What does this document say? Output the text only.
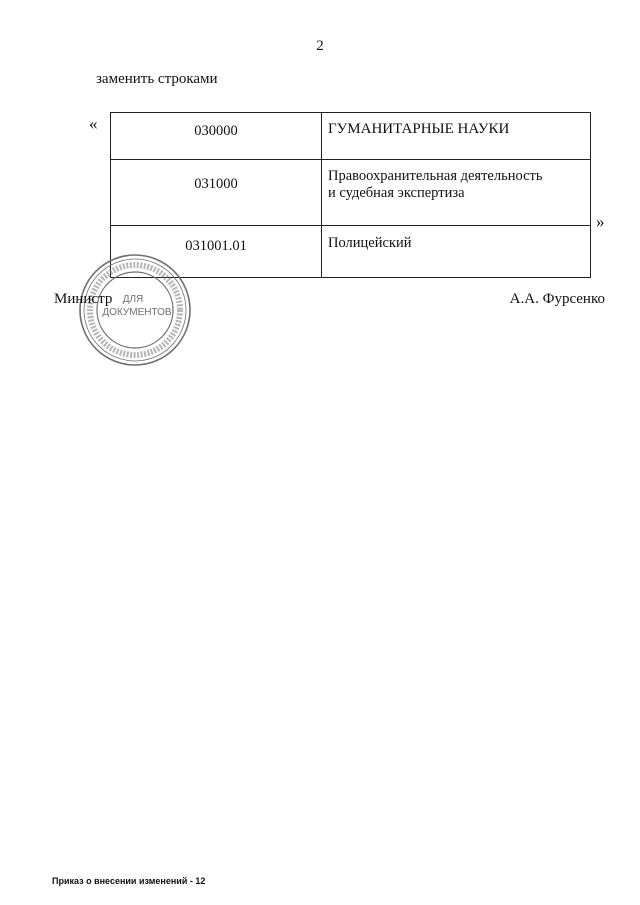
2
заменить строками
«	030000	ГУМАНИТАРНЫЕ НАУКИ

031000	Правоохранительная деятельность
и судебная экспертиза

031001.01	Полицейский
»
ДЛЯ
ДОКУМЕНТОВ
Министр	А.А. Фурсенко
Приказ о внесении изменений - 12
